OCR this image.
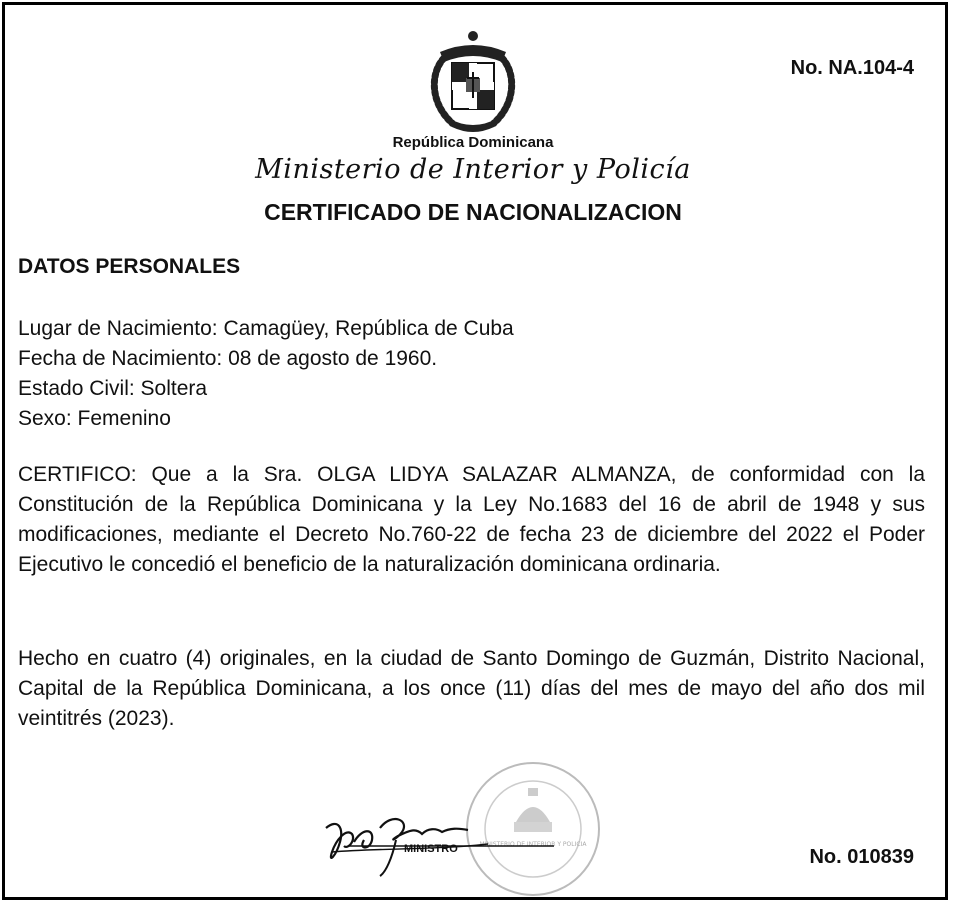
No. NA.104-4
República Dominicana
Ministerio de Interior y Policía
CERTIFICADO DE NACIONALIZACION
DATOS PERSONALES
Lugar de Nacimiento: Camagüey, República de Cuba
Fecha de Nacimiento: 08 de agosto de 1960.
Estado Civil: Soltera
Sexo: Femenino
CERTIFICO: Que a la Sra. OLGA LIDYA SALAZAR ALMANZA, de conformidad con la Constitución de la República Dominicana y la Ley No.1683 del 16 de abril de 1948 y sus modificaciones, mediante el Decreto No.760-22 de fecha 23 de diciembre del 2022 el Poder Ejecutivo le concedió el beneficio de la naturalización dominicana ordinaria.
Hecho en cuatro (4) originales, en la ciudad de Santo Domingo de Guzmán, Distrito Nacional, Capital de la República Dominicana, a los once (11) días del mes de mayo del año dos mil veintitrés (2023).
MINISTERIO DE INTERIOR Y POLICIA
MINISTRO	No. 010839
